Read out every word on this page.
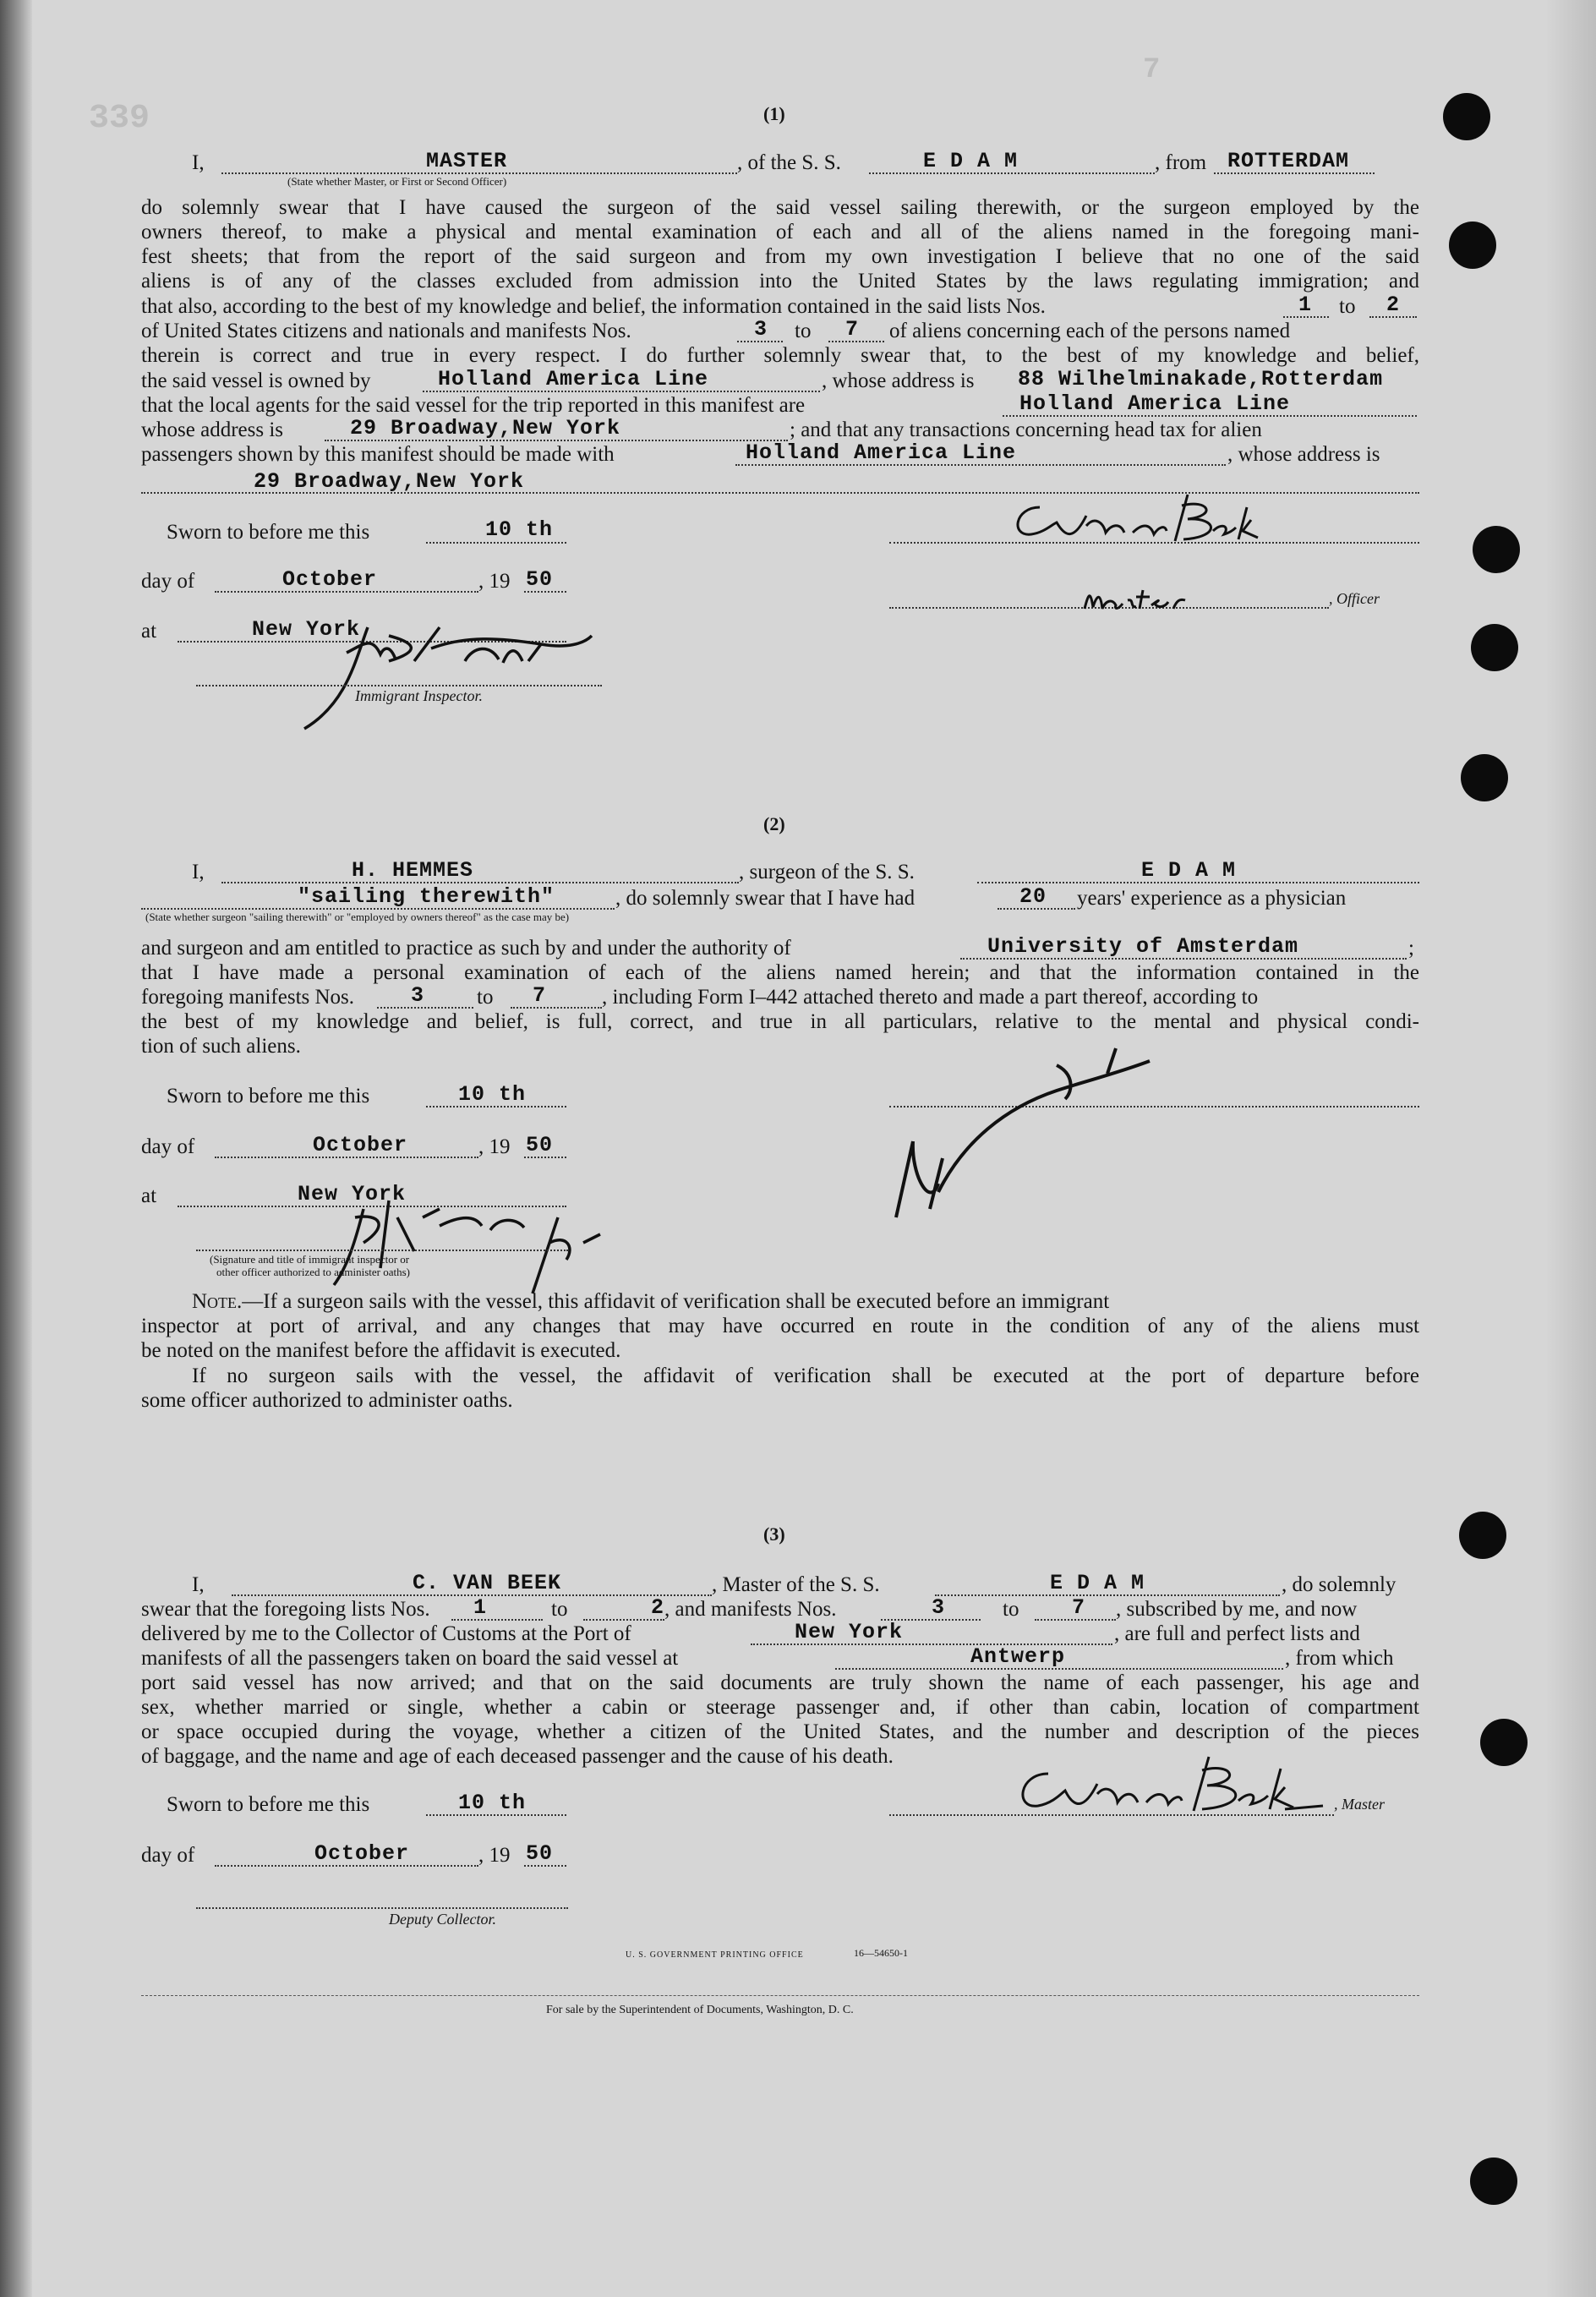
339
7
(1)
I,	MASTER
(State whether Master, or First or Second Officer)
, of the S. S.	E D A M	, from ROTTERDAM
do solemnly swear that I have caused the surgeon of the said vessel sailing therewith, or the surgeon employed by the
owners thereof, to make a physical and mental examination of each and all of the aliens named in the foregoing mani-
fest sheets; that from the report of the said surgeon and from my own investigation I believe that no one of the said
aliens is of any of the classes excluded from admission into the United States by the laws regulating immigration; and
that also, according to the best of my knowledge and belief, the information contained in the said lists Nos.	1 to 2
of United States citizens and nationals and manifests Nos.	3 to 7 of aliens concerning each of the persons named
therein is correct and true in every respect. I do further solemnly swear that, to the best of my knowledge and belief,
the said vessel is owned by	Holland America Line	, whose address is 88 Wilhelminakade,Rotterdam
that the local agents for the said vessel for the trip reported in this manifest are	Holland America Line
whose address is	29 Broadway,New York	; and that any transactions concerning head tax for alien
passengers shown by this manifest should be made with	Holland America Line	, whose address is
29 Broadway,New York
Sworn to before me this	10 th
day of	October	, 19 50
, Officer
at	New York
Immigrant Inspector.
(2)
I,	H. HEMMES	, surgeon of the S. S.	E D A M
"sailing therewith"	, do solemnly swear that I have had	20 years' experience as a physician
(State whether surgeon "sailing therewith" or "employed by owners thereof" as the case may be)
and surgeon and am entitled to practice as such by and under the authority of	University of Amsterdam	;
that I have made a personal examination of each of the aliens named herein; and that the information contained in the
foregoing manifests Nos.	3 to 7	, including Form I–442 attached thereto and made a part thereof, according to
the best of my knowledge and belief, is full, correct, and true in all particulars, relative to the mental and physical condi-
tion of such aliens.
Sworn to before me this	10 th
day of	October	, 19 50
at	New York
(Signature and title of immigrant inspector or
other officer authorized to administer oaths)
Note.—If a surgeon sails with the vessel, this affidavit of verification shall be executed before an immigrant
inspector at port of arrival, and any changes that may have occurred en route in the condition of any of the aliens must
be noted on the manifest before the affidavit is executed.
If no surgeon sails with the vessel, the affidavit of verification shall be executed at the port of departure before
some officer authorized to administer oaths.
(3)
I,	C. VAN BEEK	, Master of the S. S.	E D A M	, do solemnly
swear that the foregoing lists Nos. 1	to	2 , and manifests Nos.	3	to	7 , subscribed by me, and now
delivered by me to the Collector of Customs at the Port of	New York	, are full and perfect lists and
manifests of all the passengers taken on board the said vessel at	Antwerp	, from which
port said vessel has now arrived; and that on the said documents are truly shown the name of each passenger, his age and
sex, whether married or single, whether a cabin or steerage passenger and, if other than cabin, location of compartment
or space occupied during the voyage, whether a citizen of the United States, and the number and description of the pieces
of baggage, and the name and age of each deceased passenger and the cause of his death.
Sworn to before me this	10 th	, Master
day of	October	, 19 50
Deputy Collector.
U. S. GOVERNMENT PRINTING OFFICE	16—54650-1
For sale by the Superintendent of Documents, Washington, D. C.
